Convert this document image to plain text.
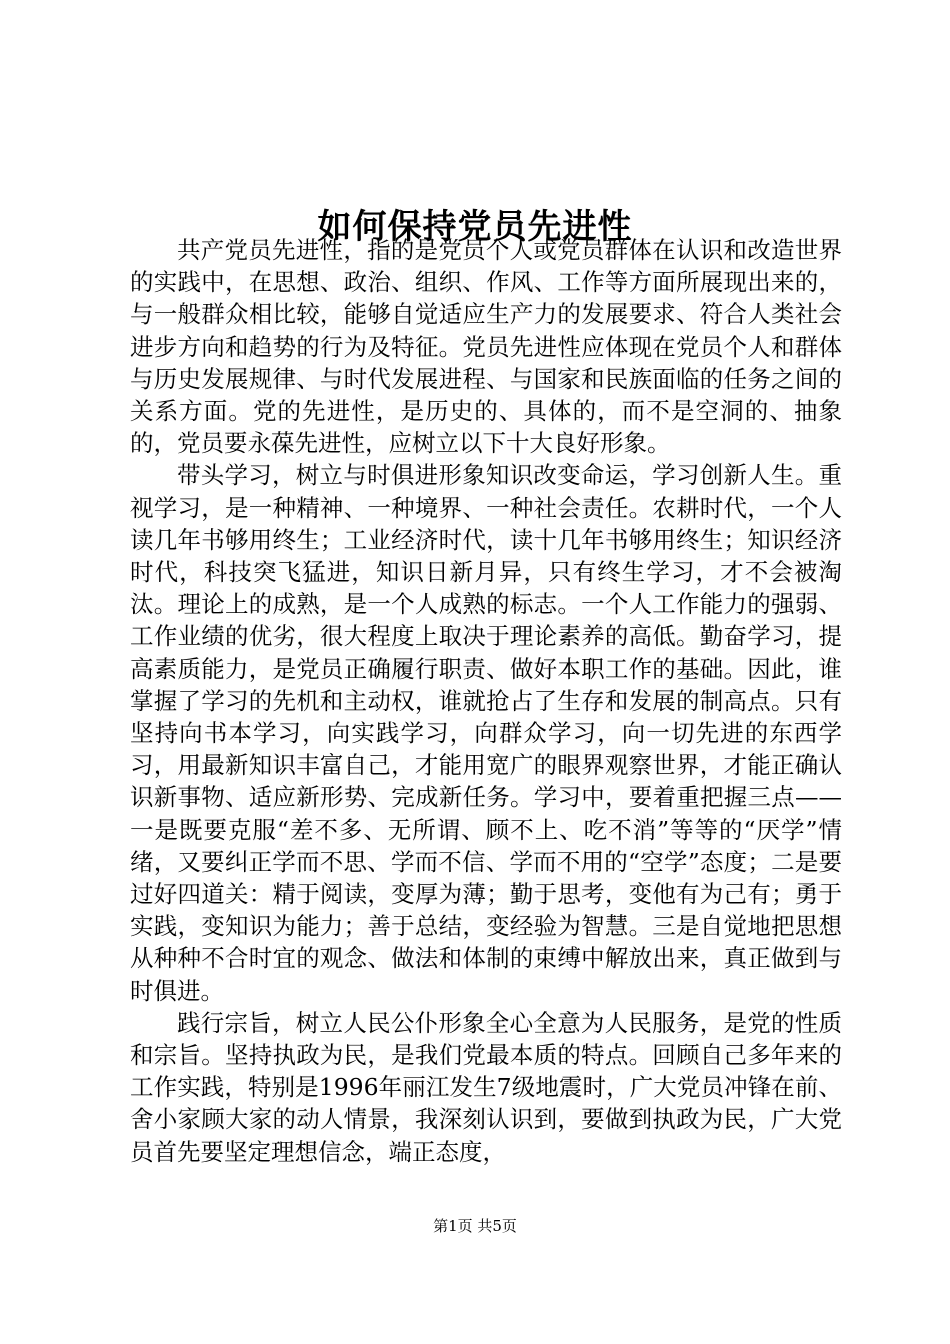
如何保持党员先进性

共产党员先进性，指的是党员个人或党员群体在认识和改造世界的实践中，在思想、政治、组织、作风、工作等方面所展现出来的，与一般群众相比较，能够自觉适应生产力的发展要求、符合人类社会进步方向和趋势的行为及特征。党员先进性应体现在党员个人和群体与历史发展规律、与时代发展进程、与国家和民族面临的任务之间的关系方面。党的先进性，是历史的、具体的，而不是空洞的、抽象的，党员要永葆先进性，应树立以下十大良好形象。

带头学习，树立与时俱进形象知识改变命运，学习创新人生。重视学习，是一种精神、一种境界、一种社会责任。农耕时代，一个人读几年书够用终生；工业经济时代，读十几年书够用终生；知识经济时代，科技突飞猛进，知识日新月异，只有终生学习，才不会被淘汰。理论上的成熟，是一个人成熟的标志。一个人工作能力的强弱、工作业绩的优劣，很大程度上取决于理论素养的高低。勤奋学习，提高素质能力，是党员正确履行职责、做好本职工作的基础。因此，谁掌握了学习的先机和主动权，谁就抢占了生存和发展的制高点。只有坚持向书本学习，向实践学习，向群众学习，向一切先进的东西学习，用最新知识丰富自己，才能用宽广的眼界观察世界，才能正确认识新事物、适应新形势、完成新任务。学习中，要着重把握三点——一是既要克服“差不多、无所谓、顾不上、吃不消”等等的“厌学”情绪，又要纠正学而不思、学而不信、学而不用的“空学”态度；二是要过好四道关：精于阅读，变厚为薄；勤于思考，变他有为己有；勇于实践，变知识为能力；善于总结，变经验为智慧。三是自觉地把思想从种种不合时宜的观念、做法和体制的束缚中解放出来，真正做到与时俱进。

践行宗旨，树立人民公仆形象全心全意为人民服务，是党的性质和宗旨。坚持执政为民，是我们党最本质的特点。回顾自己多年来的工作实践，特别是1996年丽江发生7级地震时，广大党员冲锋在前、舍小家顾大家的动人情景，我深刻认识到，要做到执政为民，广大党员首先要坚定理想信念，端正态度，

第1页 共5页
